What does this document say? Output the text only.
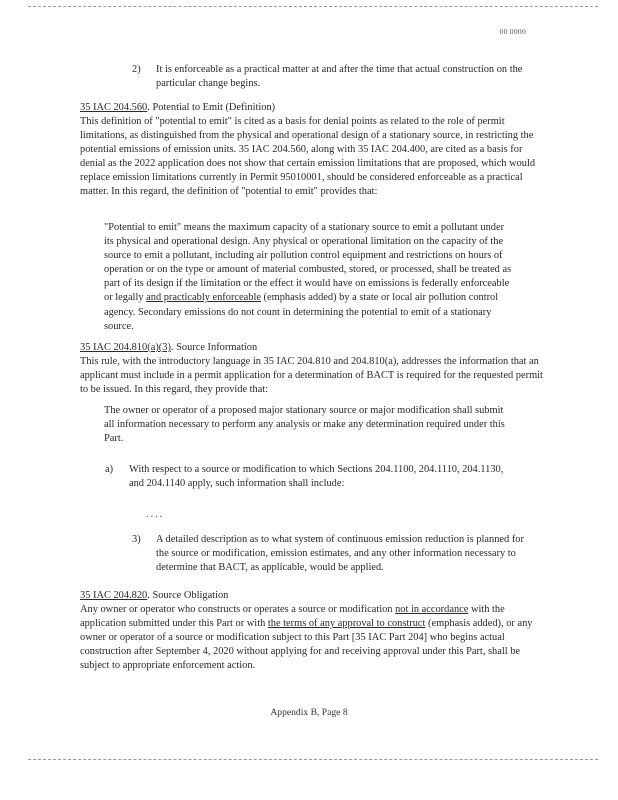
00 0000
2)	It is enforceable as a practical matter at and after the time that actual construction on the particular change begins.
35 IAC 204.560. Potential to Emit (Definition)

This definition of "potential to emit" is cited as a basis for denial points as related to the role of permit limitations, as distinguished from the physical and operational design of a stationary source, in restricting the potential emissions of emission units. 35 IAC 204.560, along with 35 IAC 204.400, are cited as a basis for denial as the 2022 application does not show that certain emission limitations that are proposed, which would replace emission limitations currently in Permit 95010001, should be considered enforceable as a practical matter. In this regard, the definition of "potential to emit" provides that:

"Potential to emit" means the maximum capacity of a stationary source to emit a pollutant under its physical and operational design. Any physical or operational limitation on the capacity of the source to emit a pollutant, including air pollution control equipment and restrictions on hours of operation or on the type or amount of material combusted, stored, or processed, shall be treated as part of its design if the limitation or the effect it would have on emissions is federally enforceable or legally and practicably enforceable (emphasis added) by a state or local air pollution control agency. Secondary emissions do not count in determining the potential to emit of a stationary source.

35 IAC 204.810(a)(3). Source Information

This rule, with the introductory language in 35 IAC 204.810 and 204.810(a), addresses the information that an applicant must include in a permit application for a determination of BACT is required for the requested permit to be issued. In this regard, they provide that:

The owner or operator of a proposed major stationary source or major modification shall submit all information necessary to perform any analysis or make any determination required under this Part.

a)	With respect to a source or modification to which Sections 204.1100, 204.1110, 204.1130, and 204.1140 apply, such information shall include:
....
3)	A detailed description as to what system of continuous emission reduction is planned for the source or modification, emission estimates, and any other information necessary to determine that BACT, as applicable, would be applied.
35 IAC 204.820. Source Obligation

Any owner or operator who constructs or operates a source or modification not in accordance with the application submitted under this Part or with the terms of any approval to construct (emphasis added), or any owner or operator of a source or modification subject to this Part [35 IAC Part 204] who begins actual construction after September 4, 2020 without applying for and receiving approval under this Part, shall be subject to appropriate enforcement action.

Appendix B, Page 8
